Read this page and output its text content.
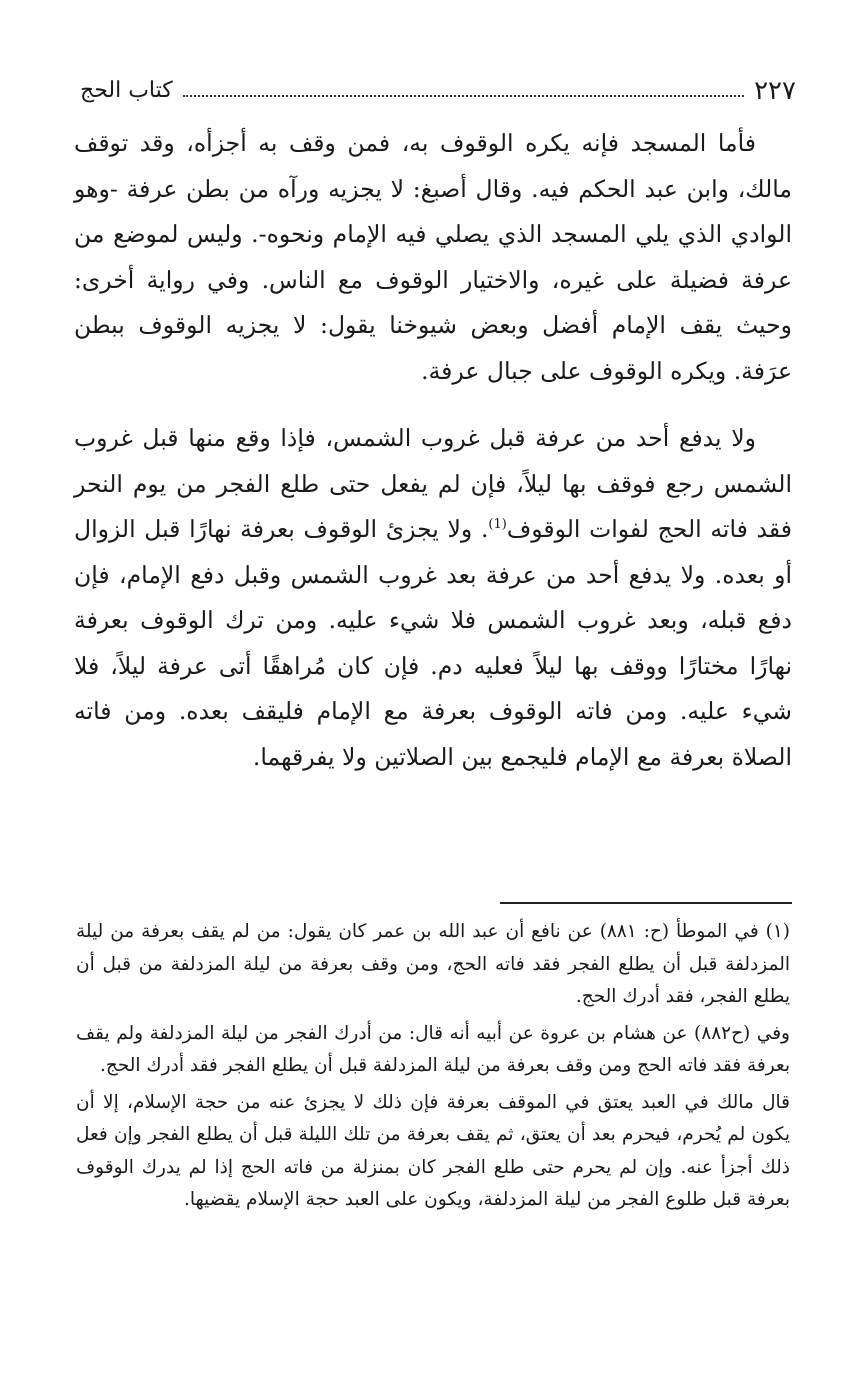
٢٢٧
كتاب الحج

فأما المسجد فإنه يكره الوقوف به، فمن وقف به أجزأه، وقد توقف مالك، وابن عبد الحكم فيه. وقال أصبغ: لا يجزيه ورآه من بطن عرفة -وهو الوادي الذي يلي المسجد الذي يصلي فيه الإمام ونحوه-. وليس لموضع من عرفة فضيلة على غيره، والاختيار الوقوف مع الناس. وفي رواية أخرى: وحيث يقف الإمام أفضل وبعض شيوخنا يقول: لا يجزيه الوقوف ببطن عرَفة. ويكره الوقوف على جبال عرفة.

ولا يدفع أحد من عرفة قبل غروب الشمس، فإذا وقع منها قبل غروب الشمس رجع فوقف بها ليلاً، فإن لم يفعل حتى طلع الفجر من يوم النحر فقد فاته الحج لفوات الوقوف$^{(1)}$. ولا يجزئ الوقوف بعرفة نهارًا قبل الزوال أو بعده. ولا يدفع أحد من عرفة بعد غروب الشمس وقبل دفع الإمام، فإن دفع قبله، وبعد غروب الشمس فلا شيء عليه. ومن ترك الوقوف بعرفة نهارًا مختارًا ووقف بها ليلاً فعليه دم. فإن كان مُراهقًا أتى عرفة ليلاً، فلا شيء عليه. ومن فاته الوقوف بعرفة مع الإمام فليقف بعده. ومن فاته الصلاة بعرفة مع الإمام فليجمع بين الصلاتين ولا يفرقهما.

(١) في الموطأ (ح: ٨٨١) عن نافع أن عبد الله بن عمر كان يقول: من لم يقف بعرفة من ليلة المزدلفة قبل أن يطلع الفجر فقد فاته الحج، ومن وقف بعرفة من ليلة المزدلفة من قبل أن يطلع الفجر، فقد أدرك الحج.

وفي (ح٨٨٢) عن هشام بن عروة عن أبيه أنه قال: من أدرك الفجر من ليلة المزدلفة ولم يقف بعرفة فقد فاته الحج ومن وقف بعرفة من ليلة المزدلفة قبل أن يطلع الفجر فقد أدرك الحج.

قال مالك في العبد يعتق في الموقف بعرفة فإن ذلك لا يجزئ عنه من حجة الإسلام، إلا أن يكون لم يُحرم، فيحرم بعد أن يعتق، ثم يقف بعرفة من تلك الليلة قبل أن يطلع الفجر وإن فعل ذلك أجزأ عنه. وإن لم يحرم حتى طلع الفجر كان بمنزلة من فاته الحج إذا لم يدرك الوقوف بعرفة قبل طلوع الفجر من ليلة المزدلفة، ويكون على العبد حجة الإسلام يقضيها.
